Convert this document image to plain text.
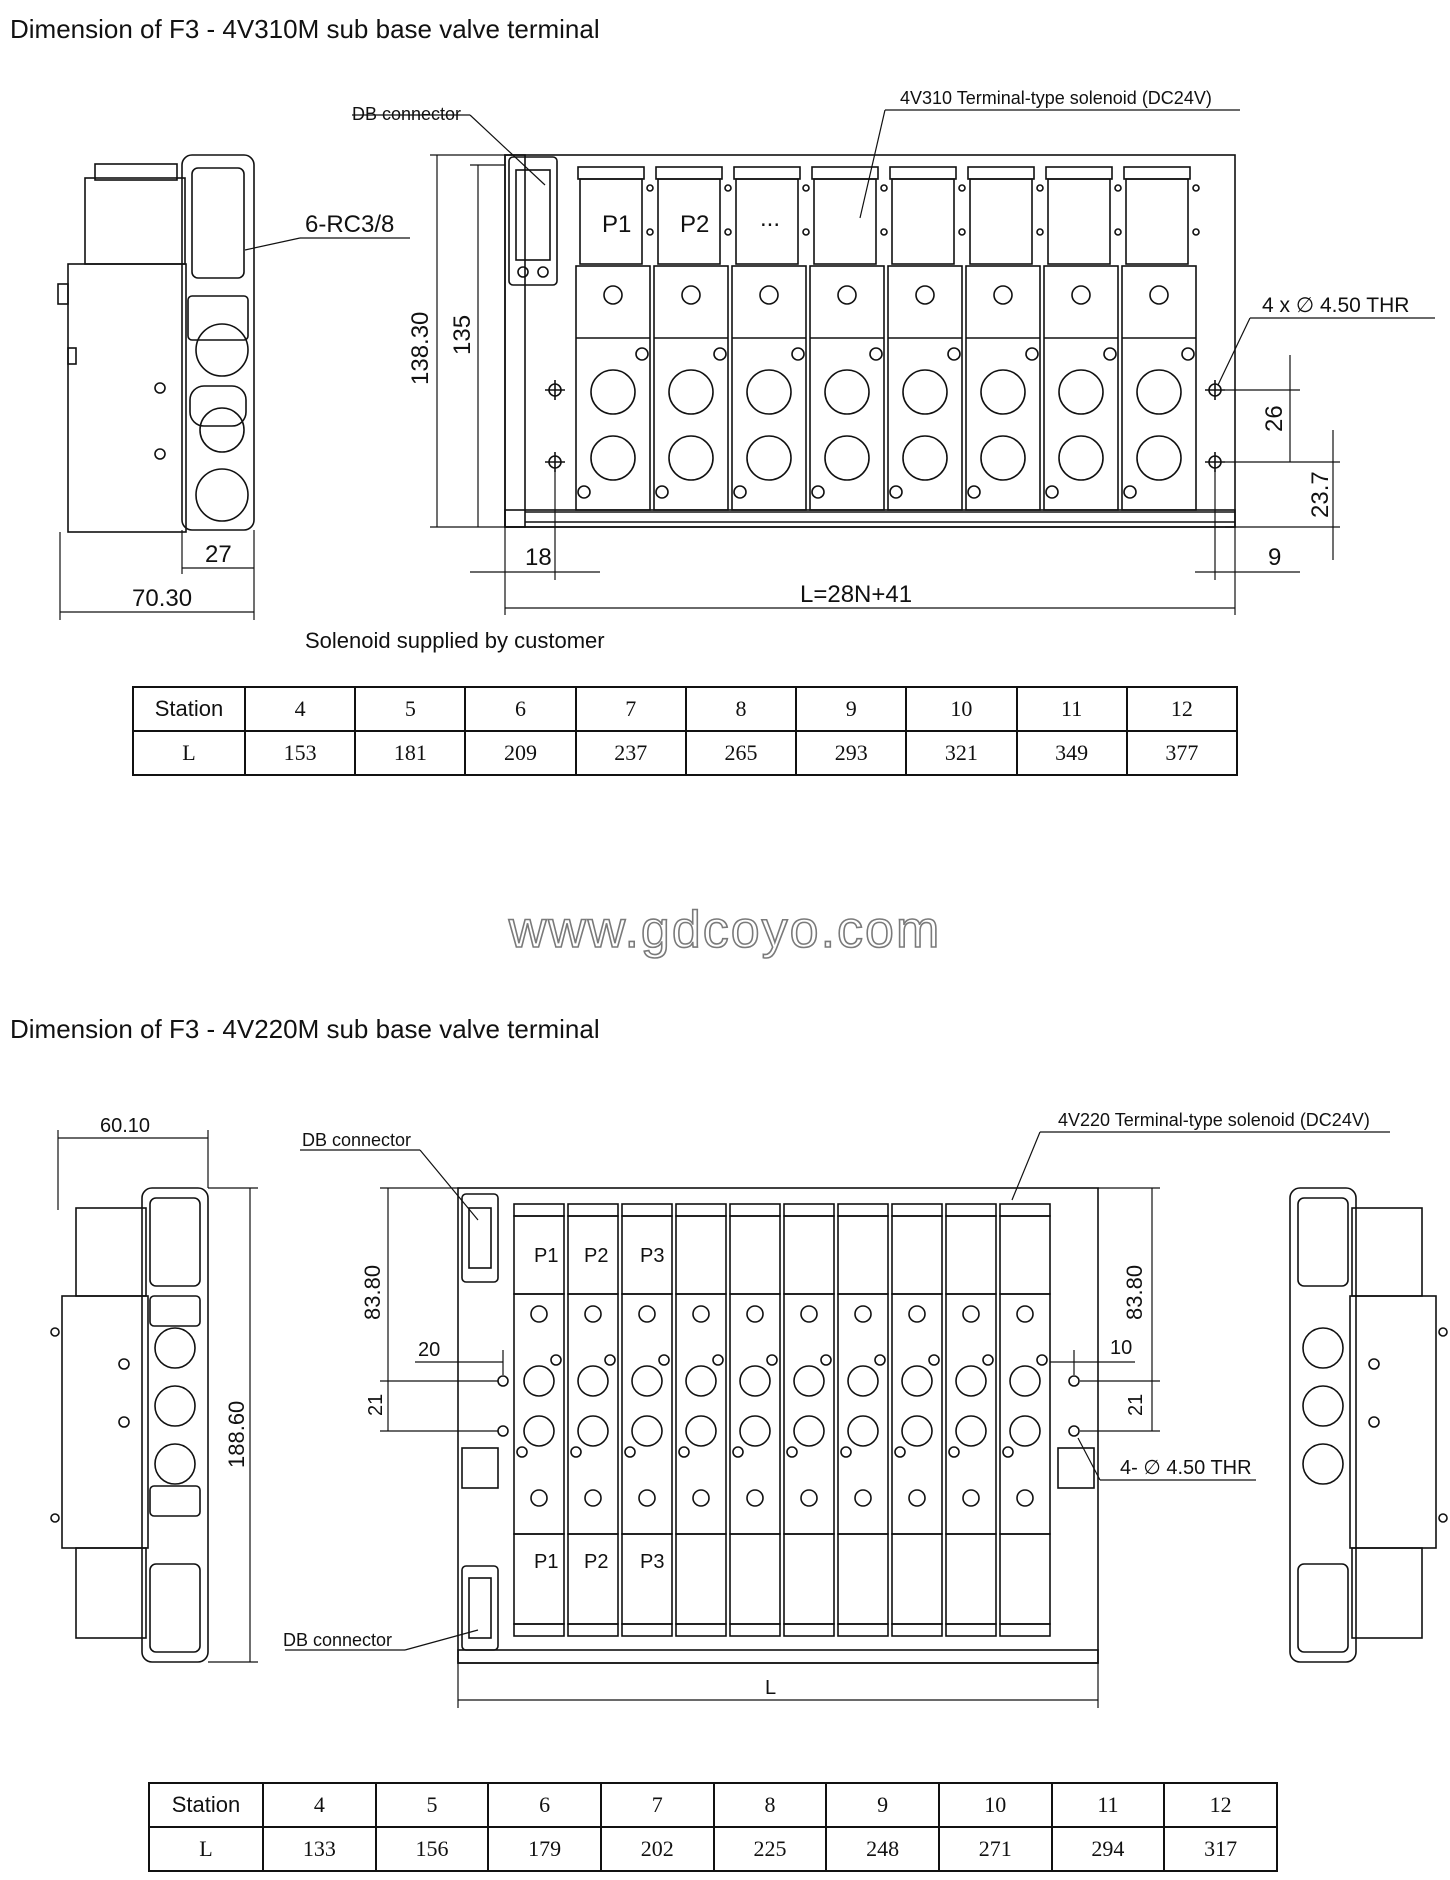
Dimension of F3 - 4V310M sub base valve terminal
DB connector
4V310 Terminal-type solenoid (DC24V)
6-RC3/8
4 x ∅ 4.50 THR
138.30 135
26
23.7
27
70.30
18	9
L=28N+41
P1 P2 ...
Solenoid supplied by customer
Station	4	5	6	7	8	9	10	11	12
L	153	181	209	237	265	293	321	349	377
www.gdcoyo.com
Dimension of F3 - 4V220M sub base valve terminal
DB connector
DB connector
4V220 Terminal-type solenoid (DC24V)
4- ∅ 4.50 THR
60.10
188.60
83.80	83.80
20
21	21
10
L
P1 P2 P3
P1 P2 P3
Station	4	5	6	7	8	9	10	11	12
L	133	156	179	202	225	248	271	294	317
